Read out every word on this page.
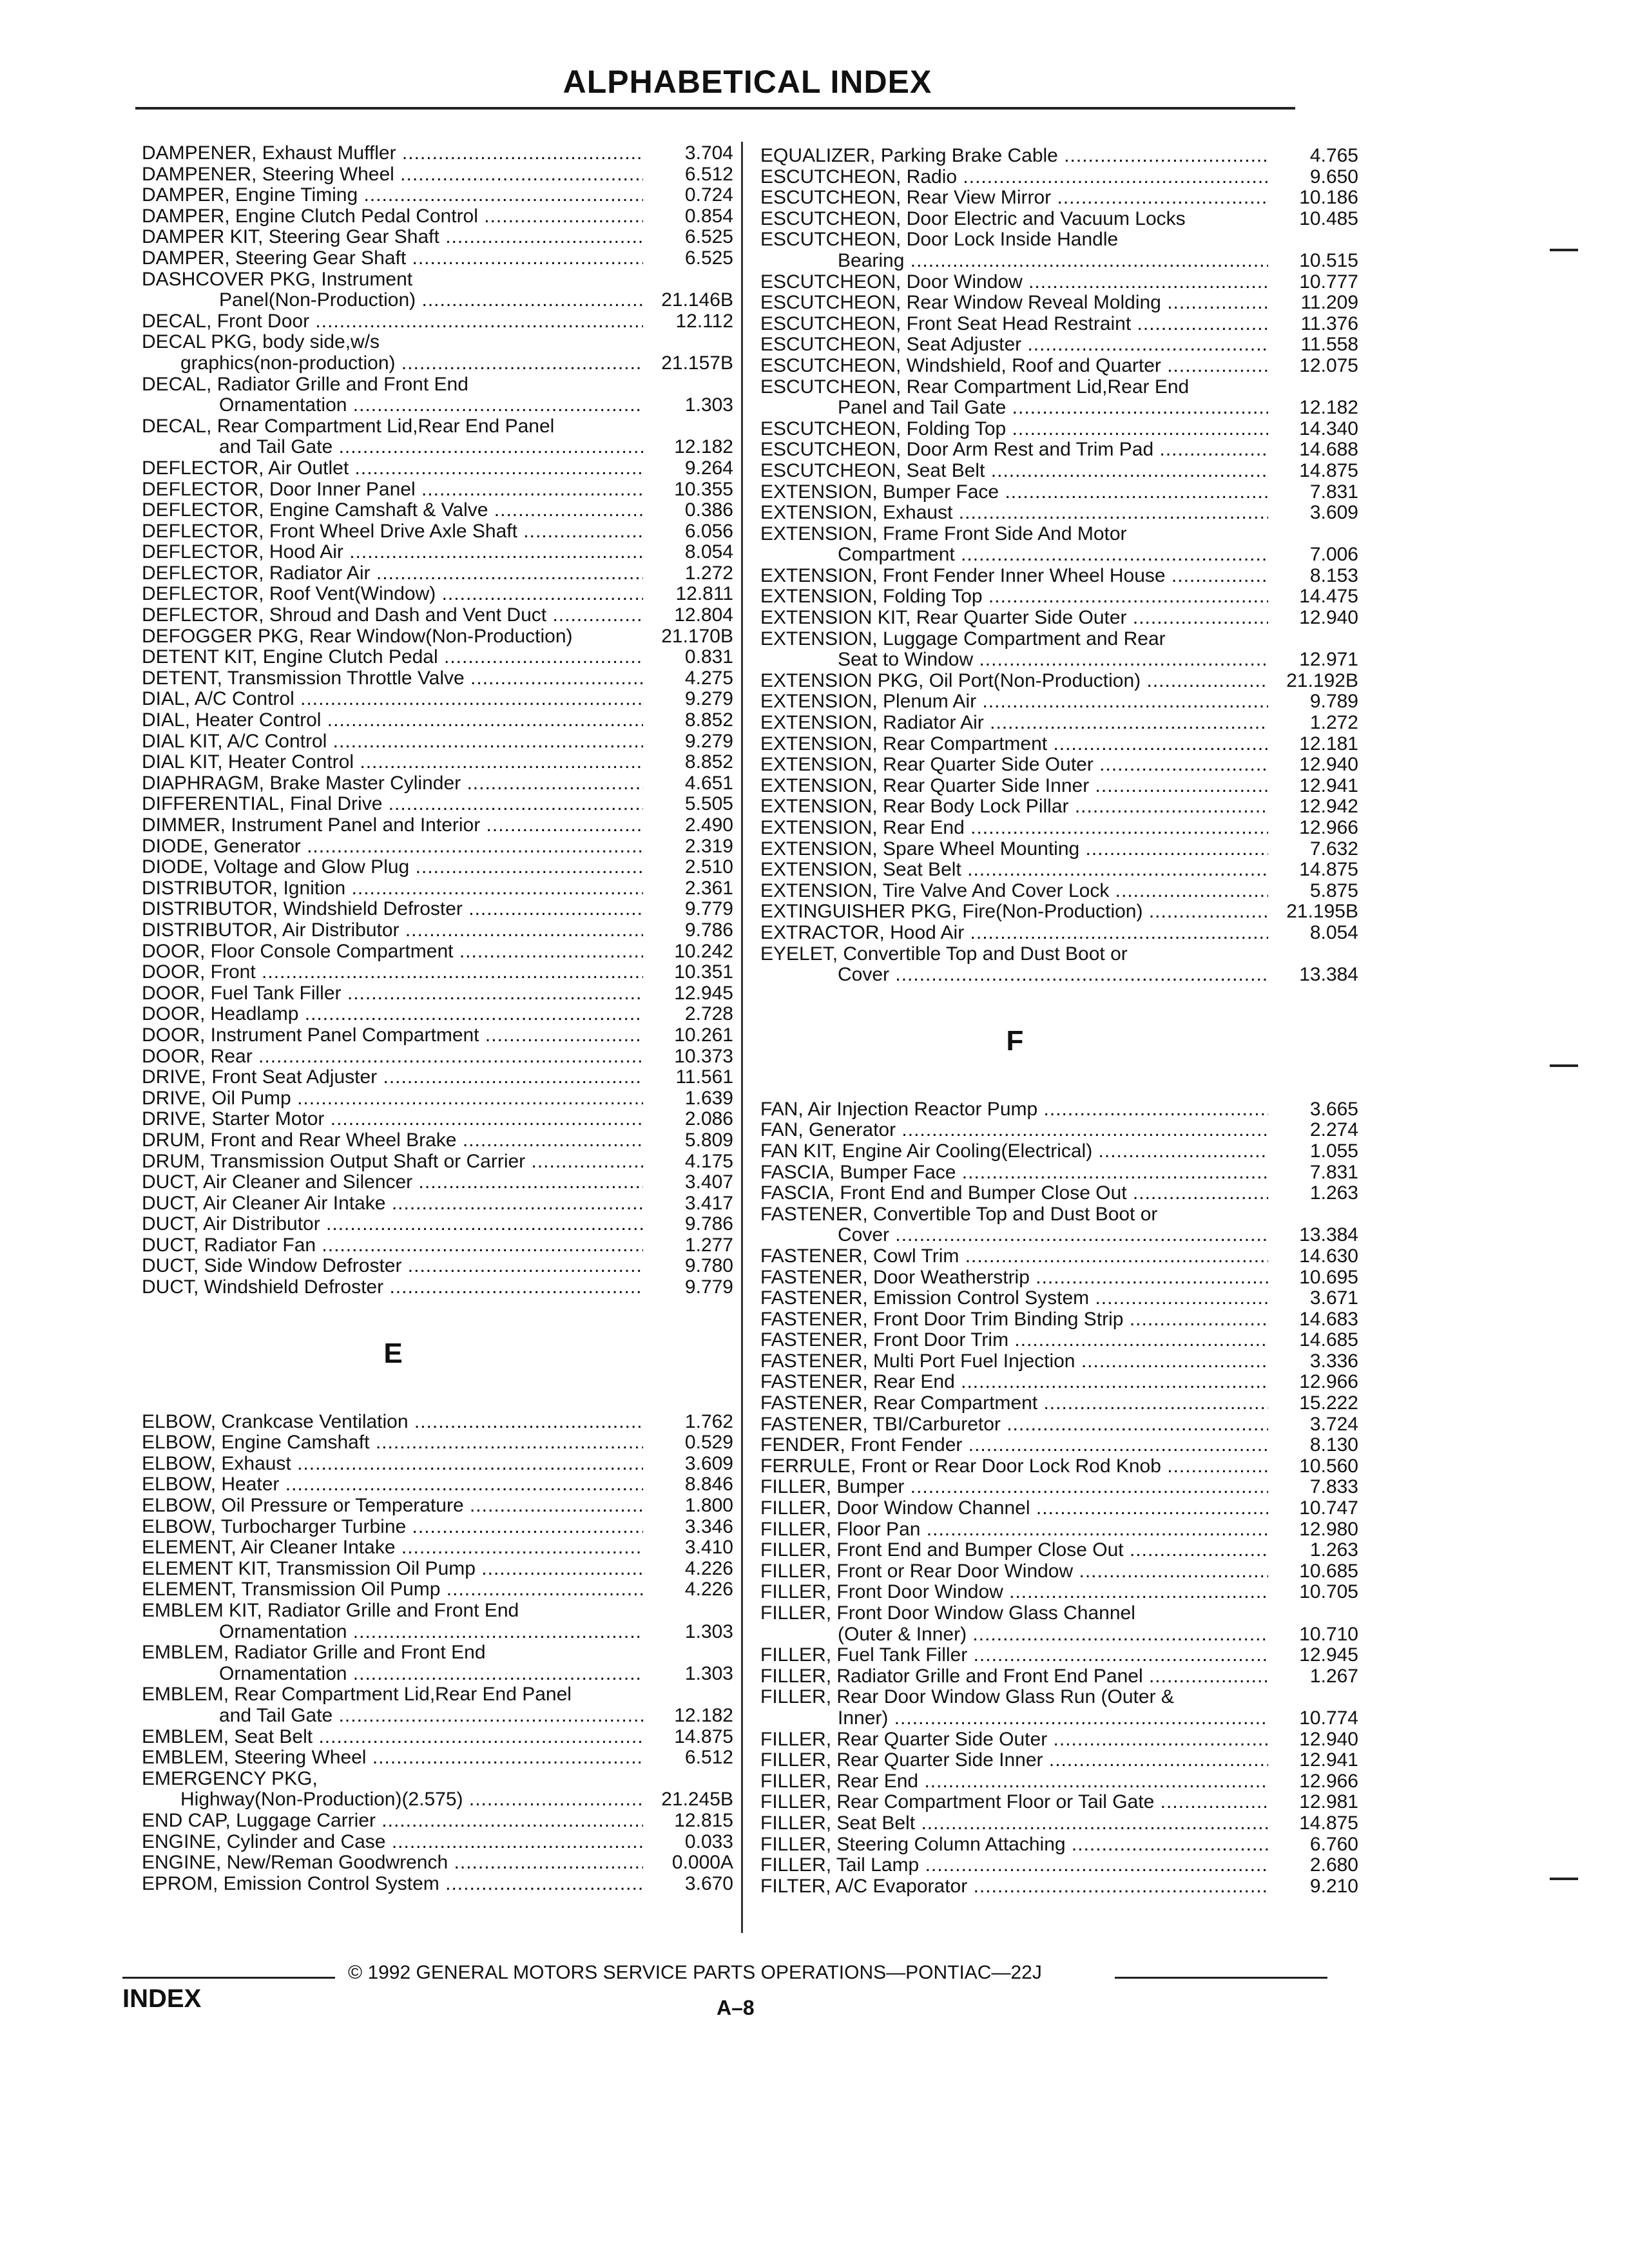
ALPHABETICAL INDEX
DAMPENER, Exhaust Muffler .....	3.704
DAMPENER, Steering Wheel .....	6.512
DAMPER, Engine Timing .....	0.724
DAMPER, Engine Clutch Pedal Control .....	0.854
DAMPER KIT, Steering Gear Shaft .....	6.525
DAMPER, Steering Gear Shaft .....	6.525
DASHCOVER PKG, Instrument
Panel(Non-Production) .....	21.146B
DECAL, Front Door .....	12.112
DECAL PKG, body side,w/s
graphics(non-production) .....	21.157B
DECAL, Radiator Grille and Front End
Ornamentation .....	1.303
DECAL, Rear Compartment Lid,Rear End Panel
and Tail Gate .....	12.182
DEFLECTOR, Air Outlet .....	9.264
DEFLECTOR, Door Inner Panel .....	10.355
DEFLECTOR, Engine Camshaft & Valve .....	0.386
DEFLECTOR, Front Wheel Drive Axle Shaft .....	6.056
DEFLECTOR, Hood Air .....	8.054
DEFLECTOR, Radiator Air .....	1.272
DEFLECTOR, Roof Vent(Window) .....	12.811
DEFLECTOR, Shroud and Dash and Vent Duct .....	12.804
DEFOGGER PKG, Rear Window(Non-Production)	21.170B
DETENT KIT, Engine Clutch Pedal .....	0.831
DETENT, Transmission Throttle Valve .....	4.275
DIAL, A/C Control .....	9.279
DIAL, Heater Control .....	8.852
DIAL KIT, A/C Control .....	9.279
DIAL KIT, Heater Control .....	8.852
DIAPHRAGM, Brake Master Cylinder .....	4.651
DIFFERENTIAL, Final Drive .....	5.505
DIMMER, Instrument Panel and Interior .....	2.490
DIODE, Generator .....	2.319
DIODE, Voltage and Glow Plug .....	2.510
DISTRIBUTOR, Ignition .....	2.361
DISTRIBUTOR, Windshield Defroster .....	9.779
DISTRIBUTOR, Air Distributor .....	9.786
DOOR, Floor Console Compartment .....	10.242
DOOR, Front .....	10.351
DOOR, Fuel Tank Filler .....	12.945
DOOR, Headlamp .....	2.728
DOOR, Instrument Panel Compartment .....	10.261
DOOR, Rear .....	10.373
DRIVE, Front Seat Adjuster .....	11.561
DRIVE, Oil Pump .....	1.639
DRIVE, Starter Motor .....	2.086
DRUM, Front and Rear Wheel Brake .....	5.809
DRUM, Transmission Output Shaft or Carrier .....	4.175
DUCT, Air Cleaner and Silencer .....	3.407
DUCT, Air Cleaner Air Intake .....	3.417
DUCT, Air Distributor .....	9.786
DUCT, Radiator Fan .....	1.277
DUCT, Side Window Defroster .....	9.780
DUCT, Windshield Defroster .....	9.779
E
ELBOW, Crankcase Ventilation .....	1.762
ELBOW, Engine Camshaft .....	0.529
ELBOW, Exhaust .....	3.609
ELBOW, Heater .....	8.846
ELBOW, Oil Pressure or Temperature .....	1.800
ELBOW, Turbocharger Turbine .....	3.346
ELEMENT, Air Cleaner Intake .....	3.410
ELEMENT KIT, Transmission Oil Pump .....	4.226
ELEMENT, Transmission Oil Pump .....	4.226
EMBLEM KIT, Radiator Grille and Front End
Ornamentation .....	1.303
EMBLEM, Radiator Grille and Front End
Ornamentation .....	1.303
EMBLEM, Rear Compartment Lid,Rear End Panel
and Tail Gate .....	12.182
EMBLEM, Seat Belt .....	14.875
EMBLEM, Steering Wheel .....	6.512
EMERGENCY PKG,
Highway(Non-Production)(2.575) .....	21.245B
END CAP, Luggage Carrier .....	12.815
ENGINE, Cylinder and Case .....	0.033
ENGINE, New/Reman Goodwrench .....	0.000A
EPROM, Emission Control System .....	3.670
EQUALIZER, Parking Brake Cable .....	4.765
ESCUTCHEON, Radio .....	9.650
ESCUTCHEON, Rear View Mirror .....	10.186
ESCUTCHEON, Door Electric and Vacuum Locks	10.485
ESCUTCHEON, Door Lock Inside Handle
Bearing .....	10.515
ESCUTCHEON, Door Window .....	10.777
ESCUTCHEON, Rear Window Reveal Molding .....	11.209
ESCUTCHEON, Front Seat Head Restraint .....	11.376
ESCUTCHEON, Seat Adjuster .....	11.558
ESCUTCHEON, Windshield, Roof and Quarter .....	12.075
ESCUTCHEON, Rear Compartment Lid,Rear End
Panel and Tail Gate .....	12.182
ESCUTCHEON, Folding Top .....	14.340
ESCUTCHEON, Door Arm Rest and Trim Pad .....	14.688
ESCUTCHEON, Seat Belt .....	14.875
EXTENSION, Bumper Face .....	7.831
EXTENSION, Exhaust .....	3.609
EXTENSION, Frame Front Side And Motor
Compartment .....	7.006
EXTENSION, Front Fender Inner Wheel House .....	8.153
EXTENSION, Folding Top .....	14.475
EXTENSION KIT, Rear Quarter Side Outer .....	12.940
EXTENSION, Luggage Compartment and Rear
Seat to Window .....	12.971
EXTENSION PKG, Oil Port(Non-Production) .....	21.192B
EXTENSION, Plenum Air .....	9.789
EXTENSION, Radiator Air .....	1.272
EXTENSION, Rear Compartment .....	12.181
EXTENSION, Rear Quarter Side Outer .....	12.940
EXTENSION, Rear Quarter Side Inner .....	12.941
EXTENSION, Rear Body Lock Pillar .....	12.942
EXTENSION, Rear End .....	12.966
EXTENSION, Spare Wheel Mounting .....	7.632
EXTENSION, Seat Belt .....	14.875
EXTENSION, Tire Valve And Cover Lock .....	5.875
EXTINGUISHER PKG, Fire(Non-Production) .....	21.195B
EXTRACTOR, Hood Air .....	8.054
EYELET, Convertible Top and Dust Boot or
Cover .....	13.384
F
FAN, Air Injection Reactor Pump .....	3.665
FAN, Generator .....	2.274
FAN KIT, Engine Air Cooling(Electrical) .....	1.055
FASCIA, Bumper Face .....	7.831
FASCIA, Front End and Bumper Close Out .....	1.263
FASTENER, Convertible Top and Dust Boot or
Cover .....	13.384
FASTENER, Cowl Trim .....	14.630
FASTENER, Door Weatherstrip .....	10.695
FASTENER, Emission Control System .....	3.671
FASTENER, Front Door Trim Binding Strip .....	14.683
FASTENER, Front Door Trim .....	14.685
FASTENER, Multi Port Fuel Injection .....	3.336
FASTENER, Rear End .....	12.966
FASTENER, Rear Compartment .....	15.222
FASTENER, TBI/Carburetor .....	3.724
FENDER, Front Fender .....	8.130
FERRULE, Front or Rear Door Lock Rod Knob .....	10.560
FILLER, Bumper .....	7.833
FILLER, Door Window Channel .....	10.747
FILLER, Floor Pan .....	12.980
FILLER, Front End and Bumper Close Out .....	1.263
FILLER, Front or Rear Door Window .....	10.685
FILLER, Front Door Window .....	10.705
FILLER, Front Door Window Glass Channel
(Outer & Inner) .....	10.710
FILLER, Fuel Tank Filler .....	12.945
FILLER, Radiator Grille and Front End Panel .....	1.267
FILLER, Rear Door Window Glass Run (Outer &
Inner) .....	10.774
FILLER, Rear Quarter Side Outer .....	12.940
FILLER, Rear Quarter Side Inner .....	12.941
FILLER, Rear End .....	12.966
FILLER, Rear Compartment Floor or Tail Gate .....	12.981
FILLER, Seat Belt .....	14.875
FILLER, Steering Column Attaching .....	6.760
FILLER, Tail Lamp .....	2.680
FILTER, A/C Evaporator .....	9.210
© 1992 GENERAL MOTORS SERVICE PARTS OPERATIONS—PONTIAC—22J
INDEX	A–8
